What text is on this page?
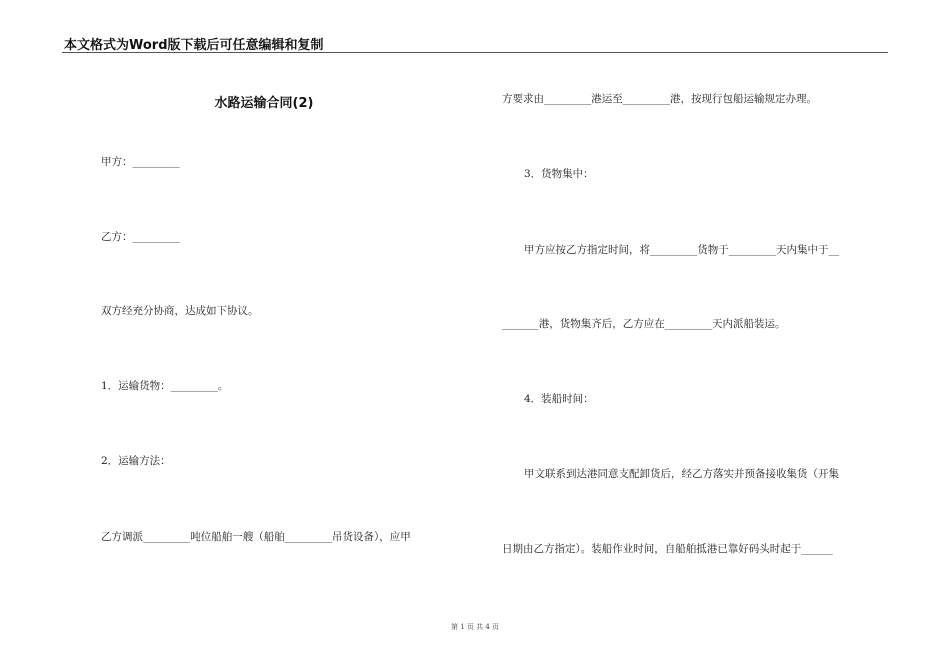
本文格式为Word版下载后可任意编辑和复制
水路运输合同(2)
甲方：_________
乙方：_________
双方经充分协商，达成如下协议。
1．运输货物：_________。
2．运输方法：
乙方调派_________吨位船舶一艘（船舶_________吊货设备），应甲
方要求由_________港运至_________港，按现行包船运输规定办理。
3．货物集中：
甲方应按乙方指定时间，将_________货物于_________天内集中于__
_______港，货物集齐后，乙方应在_________天内派船装运。
4．装船时间：
甲文联系到达港同意支配卸货后，经乙方落实并预备接收集货（开集
日期由乙方指定）。装船作业时间，自船舶抵港已靠好码头时起于______
第 1 页 共 4 页
